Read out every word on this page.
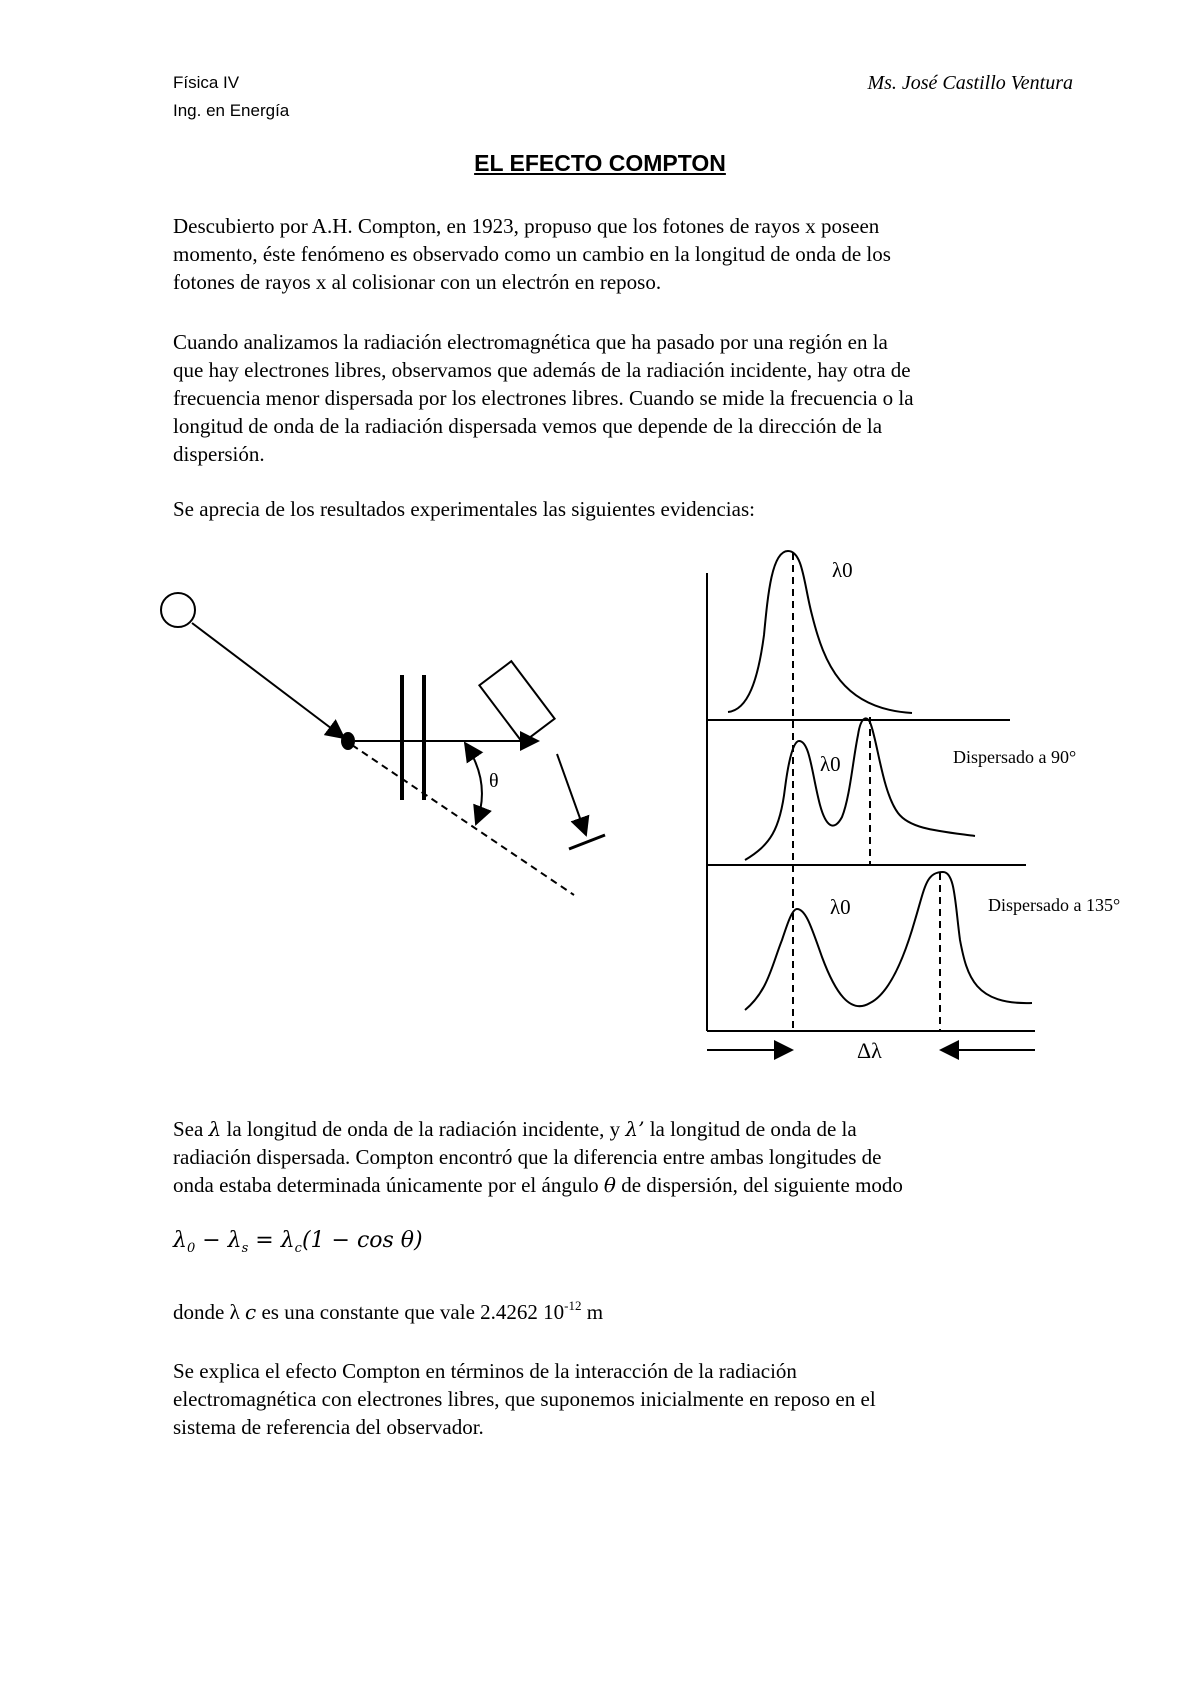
Física IV
Ing. en Energía
Ms. José Castillo Ventura
EL EFECTO COMPTON
Descubierto por A.H. Compton, en 1923, propuso que los fotones de rayos x poseen
momento, éste fenómeno es observado como un cambio en la longitud de onda de los
fotones de rayos x al colisionar con un electrón en reposo.
Cuando analizamos la radiación electromagnética que ha pasado por una región en la
que hay electrones libres, observamos que además de la radiación incidente, hay otra de
frecuencia menor dispersada por los electrones libres. Cuando se mide la frecuencia o la
longitud de onda de la radiación dispersada vemos que depende de la dirección de la
dispersión.
Se aprecia de los resultados experimentales las siguientes evidencias:
θ
λ0
λ0
λ0
Dispersado a 90°
Dispersado a 135°
Δλ
Sea λ la longitud de onda de la radiación incidente, y λ’ la longitud de onda de la
radiación dispersada. Compton encontró que la diferencia entre ambas longitudes de
onda estaba determinada únicamente por el ángulo θ de dispersión, del siguiente modo
$\lambda_0 - \lambda_s = \lambda_c(1 - \cos \theta)$
donde λ c es una constante que vale 2.4262 $10^{-12}$ m
Se explica el efecto Compton en términos de la interacción de la radiación
electromagnética con electrones libres, que suponemos inicialmente en reposo en el
sistema de referencia del observador.
